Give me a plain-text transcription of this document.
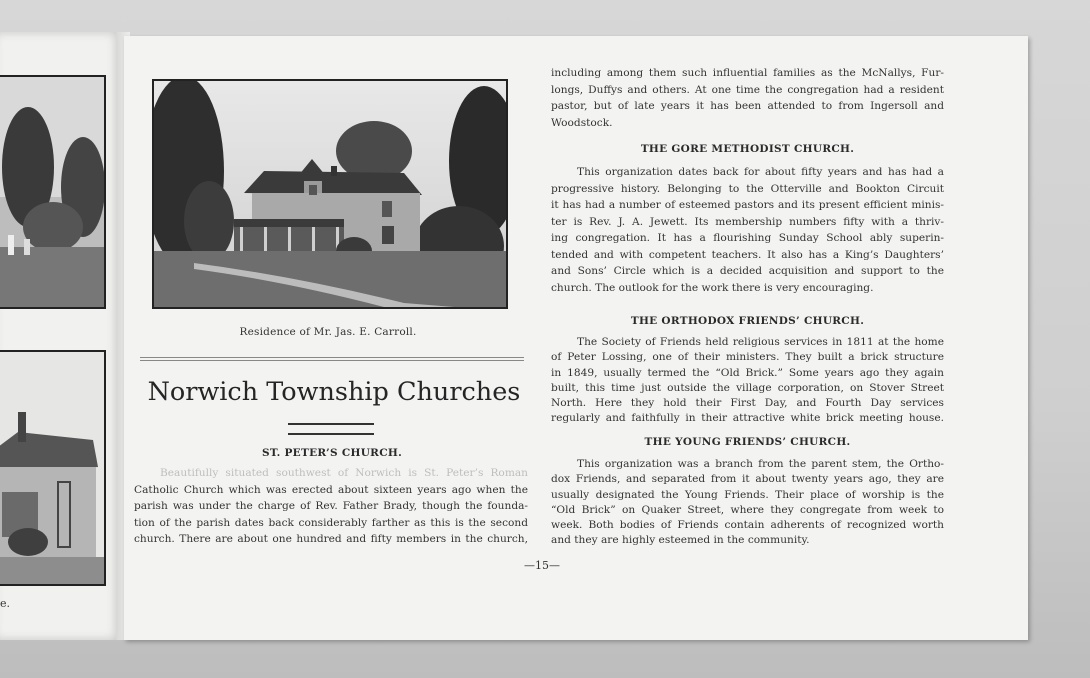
e.
Residence of Mr. Jas. E. Carroll.
Norwich Township Churches
ST. PETER’S CHURCH.
Beautifully situated southwest of Norwich is St. Peter’s Roman
Catholic Church which was erected about sixteen years ago when the
parish was under the charge of Rev. Father Brady, though the founda-
tion of the parish dates back considerably farther as this is the second
church. There are about one hundred and fifty members in the church,
including among them such influential families as the McNallys, Fur-
longs, Duffys and others. At one time the congregation had a resident
pastor, but of late years it has been attended to from Ingersoll and
Woodstock.
THE GORE METHODIST CHURCH.
This organization dates back for about fifty years and has had a
progressive history. Belonging to the Otterville and Bookton Circuit
it has had a number of esteemed pastors and its present efficient minis-
ter is Rev. J. A. Jewett. Its membership numbers fifty with a thriv-
ing congregation. It has a flourishing Sunday School ably superin-
tended and with competent teachers. It also has a King’s Daughters’
and Sons’ Circle which is a decided acquisition and support to the
church. The outlook for the work there is very encouraging.
THE ORTHODOX FRIENDS’ CHURCH.
The Society of Friends held religious services in 1811 at the home
of Peter Lossing, one of their ministers. They built a brick structure
in 1849, usually termed the “Old Brick.” Some years ago they again
built, this time just outside the village corporation, on Stover Street
North. Here they hold their First Day, and Fourth Day services
regularly and faithfully in their attractive white brick meeting house.
THE YOUNG FRIENDS’ CHURCH.
This organization was a branch from the parent stem, the Ortho-
dox Friends, and separated from it about twenty years ago, they are
usually designated the Young Friends. Their place of worship is the
“Old Brick” on Quaker Street, where they congregate from week to
week. Both bodies of Friends contain adherents of recognized worth
and they are highly esteemed in the community.
—15—
